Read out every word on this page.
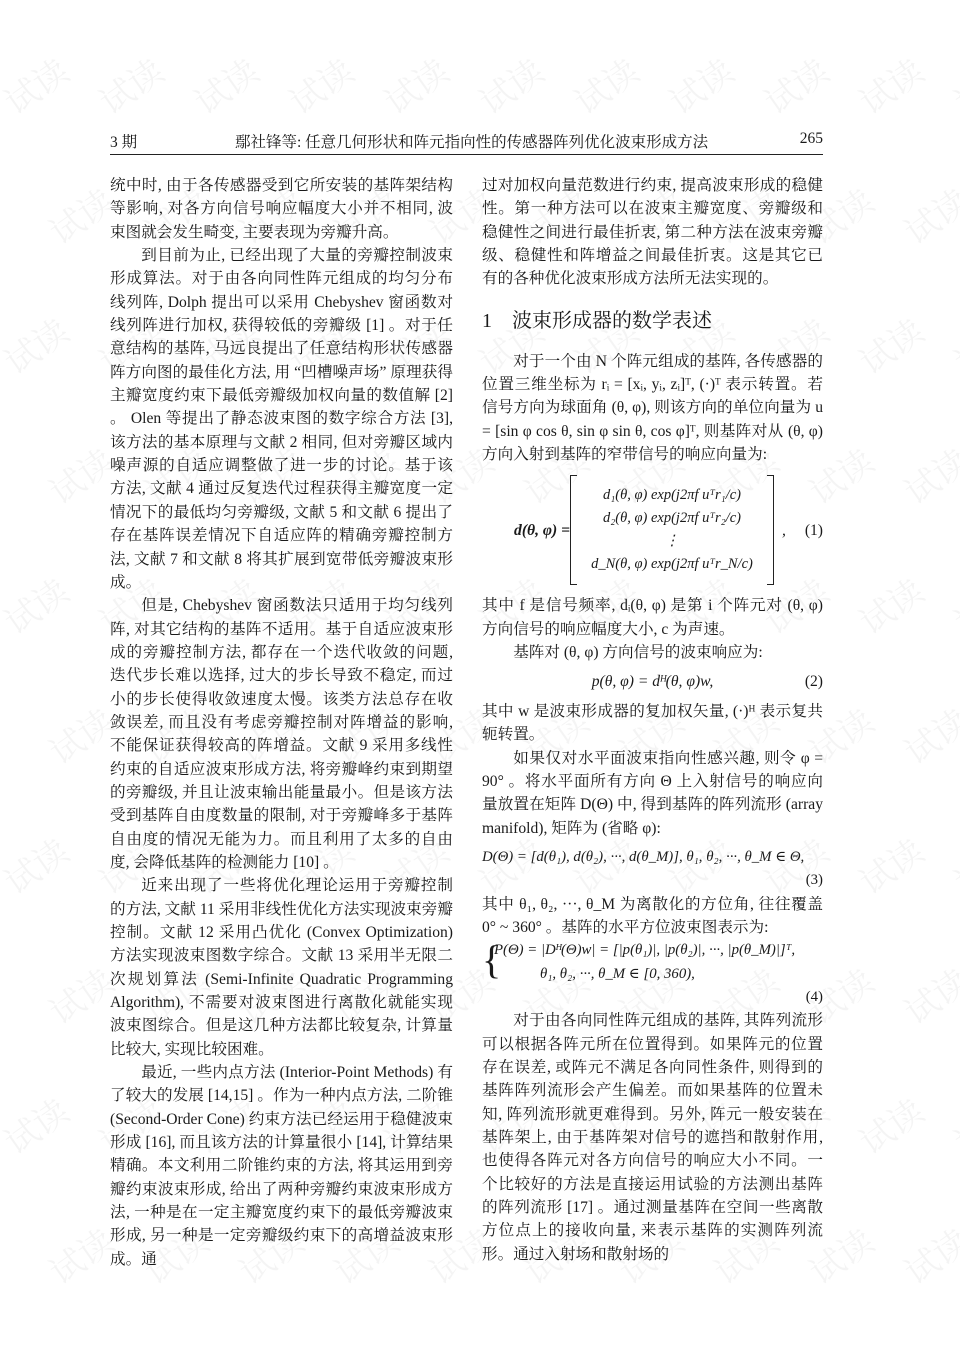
3 期	鄢社锋等: 任意几何形状和阵元指向性的传感器阵列优化波束形成方法	265

统中时, 由于各传感器受到它所安装的基阵架结构等影响, 对各方向信号响应幅度大小并不相同, 波束图就会发生畸变, 主要表现为旁瓣升高。

到目前为止, 已经出现了大量的旁瓣控制波束形成算法。对于由各向同性阵元组成的均匀分布线列阵, Dolph 提出可以采用 Chebyshev 窗函数对线列阵进行加权, 获得较低的旁瓣级 [1] 。对于任意结构的基阵, 马远良提出了任意结构形状传感器阵方向图的最佳化方法, 用 “凹槽噪声场” 原理获得主瓣宽度约束下最低旁瓣级加权向量的数值解 [2] 。 Olen 等提出了静态波束图的数字综合方法 [3], 该方法的基本原理与文献 2 相同, 但对旁瓣区域内噪声源的自适应调整做了进一步的讨论。基于该方法, 文献 4 通过反复迭代过程获得主瓣宽度一定情况下的最低均匀旁瓣级, 文献 5 和文献 6 提出了存在基阵误差情况下自适应阵的精确旁瓣控制方法, 文献 7 和文献 8 将其扩展到宽带低旁瓣波束形成。

但是, Chebyshev 窗函数法只适用于均匀线列阵, 对其它结构的基阵不适用。基于自适应波束形成的旁瓣控制方法, 都存在一个迭代收敛的问题, 迭代步长难以选择, 过大的步长导致不稳定, 而过小的步长使得收敛速度太慢。该类方法总存在收敛误差, 而且没有考虑旁瓣控制对阵增益的影响, 不能保证获得较高的阵增益。文献 9 采用多线性约束的自适应波束形成方法, 将旁瓣峰约束到期望的旁瓣级, 并且让波束输出能量最小。但是该方法受到基阵自由度数量的限制, 对于旁瓣峰多于基阵自由度的情况无能为力。而且利用了太多的自由度, 会降低基阵的检测能力 [10] 。

近来出现了一些将优化理论运用于旁瓣控制的方法, 文献 11 采用非线性优化方法实现波束旁瓣控制。文献 12 采用凸优化 (Convex Optimization) 方法实现波束图数字综合。文献 13 采用半无限二次规划算法 (Semi-Infinite Quadratic Programming Algorithm), 不需要对波束图进行离散化就能实现波束图综合。但是这几种方法都比较复杂, 计算量比较大, 实现比较困难。

最近, 一些内点方法 (Interior-Point Methods) 有了较大的发展 [14,15] 。作为一种内点方法, 二阶锥 (Second-Order Cone) 约束方法已经运用于稳健波束形成 [16], 而且该方法的计算量很小 [14], 计算结果精确。本文利用二阶锥约束的方法, 将其运用到旁瓣约束波束形成, 给出了两种旁瓣约束波束形成方法, 一种是在一定主瓣宽度约束下的最低旁瓣波束形成, 另一种是一定旁瓣级约束下的高增益波束形成。通

过对加权向量范数进行约束, 提高波束形成的稳健性。第一种方法可以在波束主瓣宽度、旁瓣级和稳健性之间进行最佳折衷, 第二种方法在波束旁瓣级、稳健性和阵增益之间最佳折衷。这是其它已有的各种优化波束形成方法所无法实现的。

1 波束形成器的数学表述

对于一个由 N 个阵元组成的基阵, 各传感器的位置三维坐标为 rᵢ = [xᵢ, yᵢ, zᵢ]ᵀ, (·)ᵀ 表示转置。若信号方向为球面角 (θ, φ), 则该方向的单位向量为 u = [sin φ cos θ, sin φ sin θ, cos φ]ᵀ, 则基阵对从 (θ, φ) 方向入射到基阵的窄带信号的响应向量为:

d(θ, φ) =
d₁(θ, φ) exp(j2πf uᵀr₁/c)
d₂(θ, φ) exp(j2πf uᵀr₂/c)
⋮
d_N(θ, φ) exp(j2πf uᵀr_N/c)
, (1)

其中 f 是信号频率, dᵢ(θ, φ) 是第 i 个阵元对 (θ, φ) 方向信号的响应幅度大小, c 为声速。

基阵对 (θ, φ) 方向信号的波束响应为:

p(θ, φ) = dᴴ(θ, φ)w,	(2)

其中 w 是波束形成器的复加权矢量, (·)ᴴ 表示复共轭转置。

如果仅对水平面波束指向性感兴趣, 则令 φ = 90° 。将水平面所有方向 Θ 上入射信号的响应向量放置在矩阵 D(Θ) 中, 得到基阵的阵列流形 (array manifold), 矩阵为 (省略 φ):

D(Θ) = [d(θ₁), d(θ₂), ···, d(θ_M)], θ₁, θ₂, ···, θ_M ∈ Θ,
(3)

其中 θ₁, θ₂, ···, θ_M 为离散化的方位角, 往往覆盖 0° ~ 360° 。基阵的水平方位波束图表示为:

{
P(Θ) = |Dᴴ(Θ)w| = [|p(θ₁)|, |p(θ₂)|, ···, |p(θ_M)|]ᵀ,
θ₁, θ₂, ···, θ_M ∈ [0, 360),
(4)

对于由各向同性阵元组成的基阵, 其阵列流形可以根据各阵元所在位置得到。如果阵元的位置存在误差, 或阵元不满足各向同性条件, 则得到的基阵阵列流形会产生偏差。而如果基阵的位置未知, 阵列流形就更难得到。另外, 阵元一般安装在基阵架上, 由于基阵架对信号的遮挡和散射作用, 也使得各阵元对各方向信号的响应大小不同。一个比较好的方法是直接运用试验的方法测出基阵的阵列流形 [17] 。通过测量基阵在空间一些离散方位点上的接收向量, 来表示基阵的实测阵列流形。通过入射场和散射场的
